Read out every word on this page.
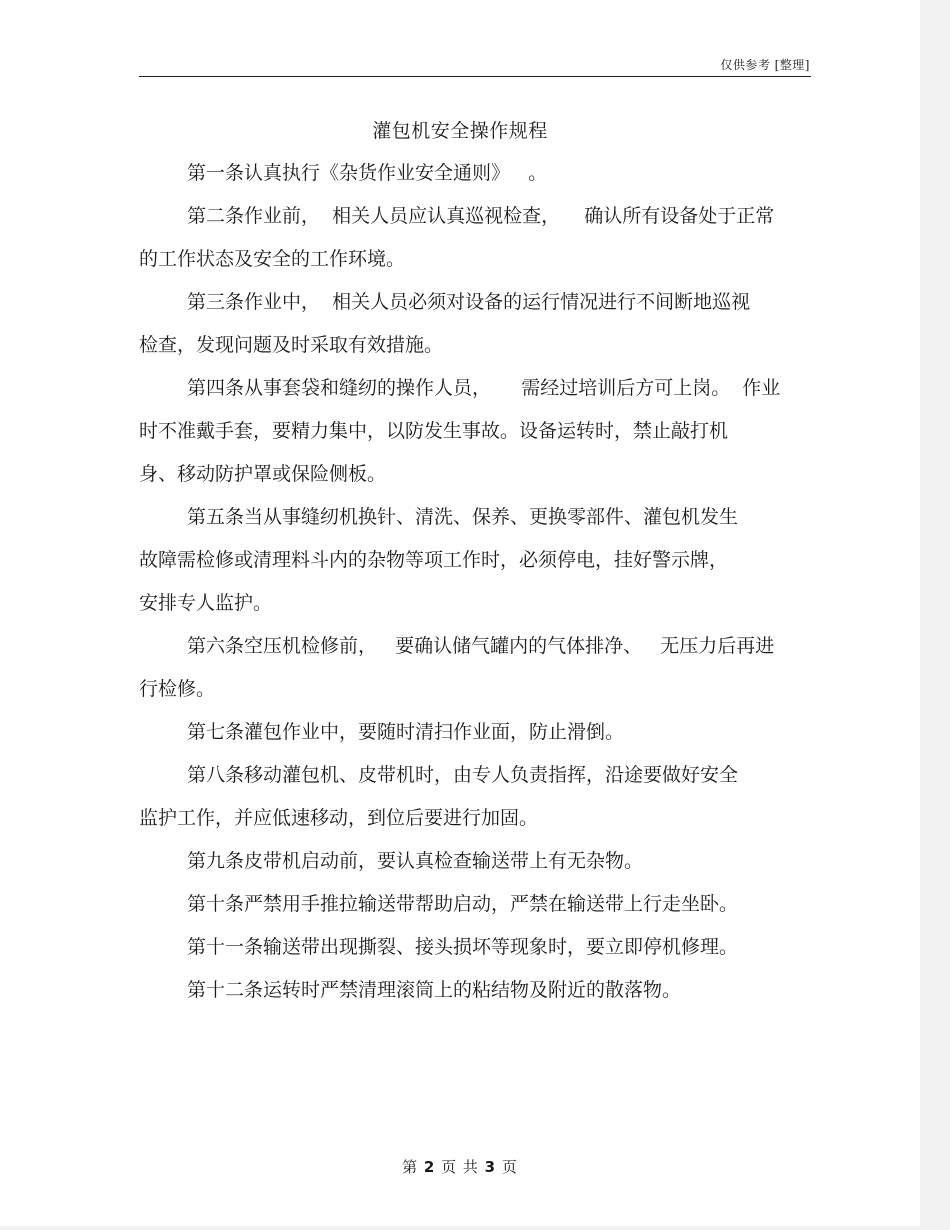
仅供参考 [整理]
灌包机安全操作规程
第一条认真执行《杂货作业安全通则》   。
第二条作业前，  相关人员应认真巡视检查，    确认所有设备处于正常
的工作状态及安全的工作环境。
第三条作业中，  相关人员必须对设备的运行情况进行不间断地巡视
检查，发现问题及时采取有效措施。
第四条从事套袋和缝纫的操作人员，     需经过培训后方可上岗。  作业
时不准戴手套，要精力集中，以防发生事故。设备运转时，禁止敲打机
身、移动防护罩或保险侧板。
第五条当从事缝纫机换针、清洗、保养、更换零部件、灌包机发生
故障需检修或清理料斗内的杂物等项工作时，必须停电，挂好警示牌，
安排专人监护。
第六条空压机检修前，   要确认储气罐内的气体排净、   无压力后再进
行检修。
第七条灌包作业中，要随时清扫作业面，防止滑倒。
第八条移动灌包机、皮带机时，由专人负责指挥，沿途要做好安全
监护工作，并应低速移动，到位后要进行加固。
第九条皮带机启动前，要认真检查输送带上有无杂物。
第十条严禁用手推拉输送带帮助启动，严禁在输送带上行走坐卧。
第十一条输送带出现撕裂、接头损坏等现象时，要立即停机修理。
第十二条运转时严禁清理滚筒上的粘结物及附近的散落物。
第 2 页 共 3 页
